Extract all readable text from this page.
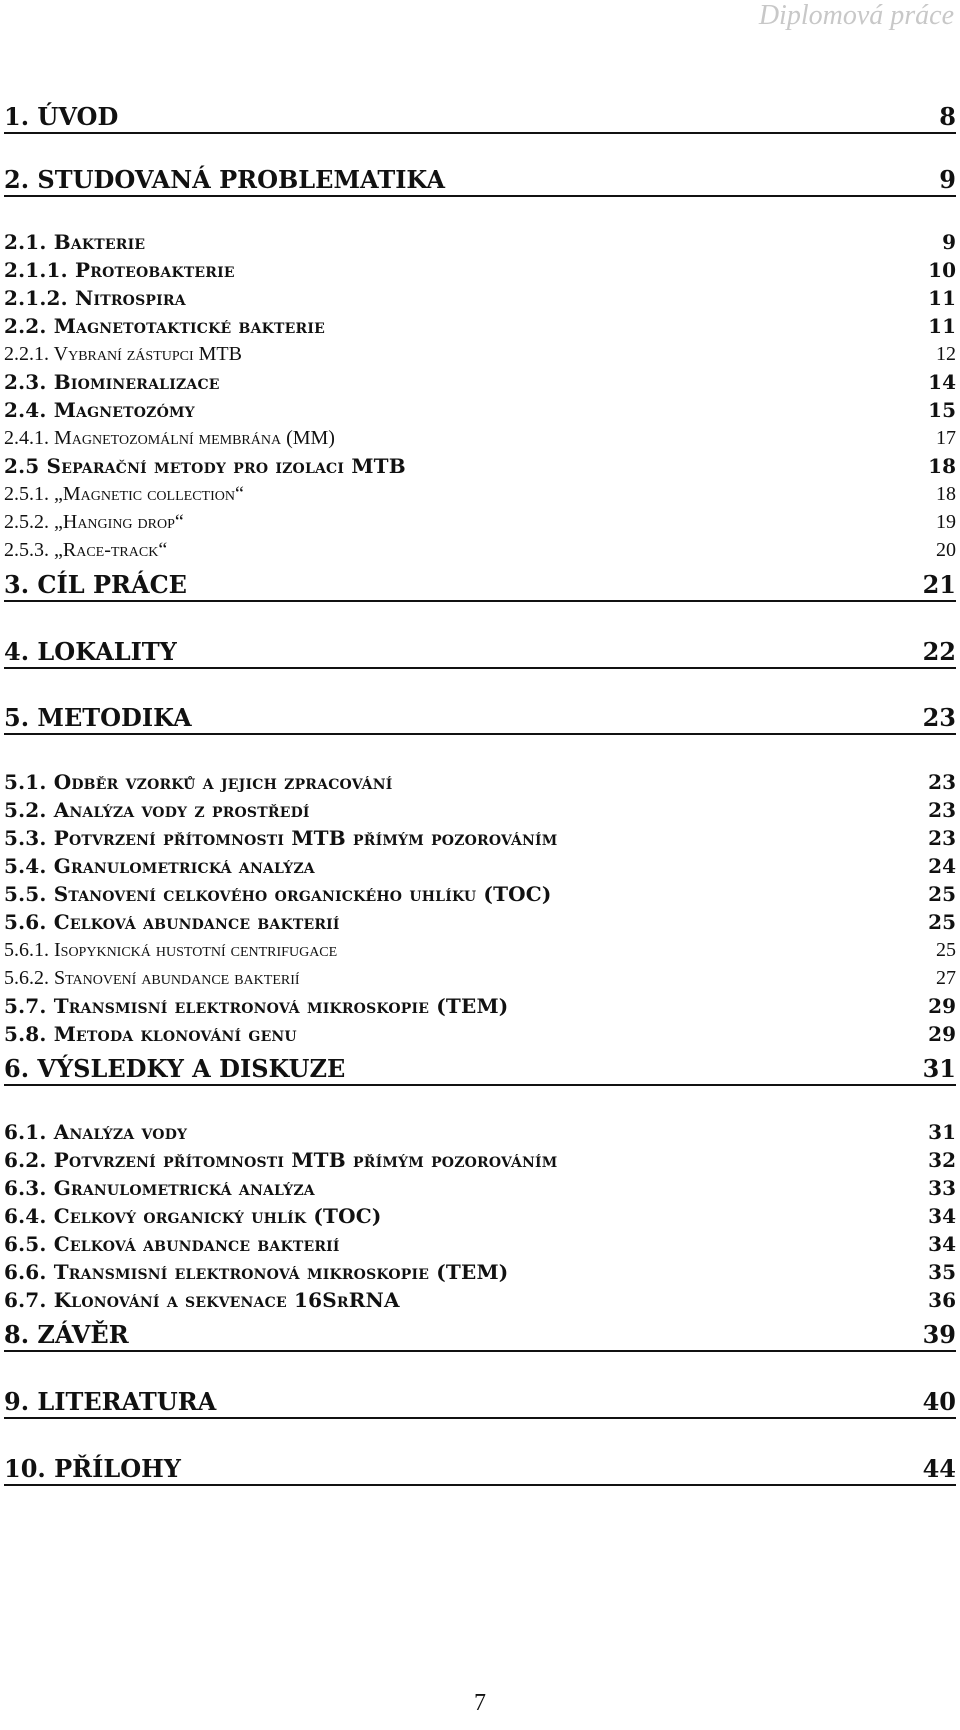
Diplomová práce
1. ÚVOD	8
2. STUDOVANÁ PROBLEMATIKA	9
2.1. Bakterie	9
2.1.1. Proteobakterie	10
2.1.2. Nitrospira	11
2.2. Magnetotaktické bakterie	11
2.2.1. Vybraní zástupci MTB	12
2.3. Biomineralizace	14
2.4. Magnetozómy	15
2.4.1. Magnetozomální membrána (MM)	17
2.5 Separační metody pro izolaci MTB	18
2.5.1. „Magnetic collection“	18
2.5.2. „Hanging drop“	19
2.5.3. „Race-track“	20
3. CÍL PRÁCE	21
4. LOKALITY	22
5. METODIKA	23
5.1. Odběr vzorků a jejich zpracování	23
5.2. Analýza vody z prostředí	23
5.3. Potvrzení přítomnosti MTB přímým pozorováním	23
5.4. Granulometrická analýza	24
5.5. Stanovení celkového organického uhlíku (TOC)	25
5.6. Celková abundance bakterií	25
5.6.1. Isopyknická hustotní centrifugace	25
5.6.2. Stanovení abundance bakterií	27
5.7. Transmisní elektronová mikroskopie (TEM)	29
5.8. Metoda klonování genu	29
6. VÝSLEDKY A DISKUZE	31
6.1. Analýza vody	31
6.2. Potvrzení přítomnosti MTB přímým pozorováním	32
6.3. Granulometrická analýza	33
6.4. Celkový organický uhlík (TOC)	34
6.5. Celková abundance bakterií	34
6.6. Transmisní elektronová mikroskopie (TEM)	35
6.7. Klonování a sekvenace 16SrRNA	36
8. ZÁVĚR	39
9. LITERATURA	40
10. PŘÍLOHY	44
7
